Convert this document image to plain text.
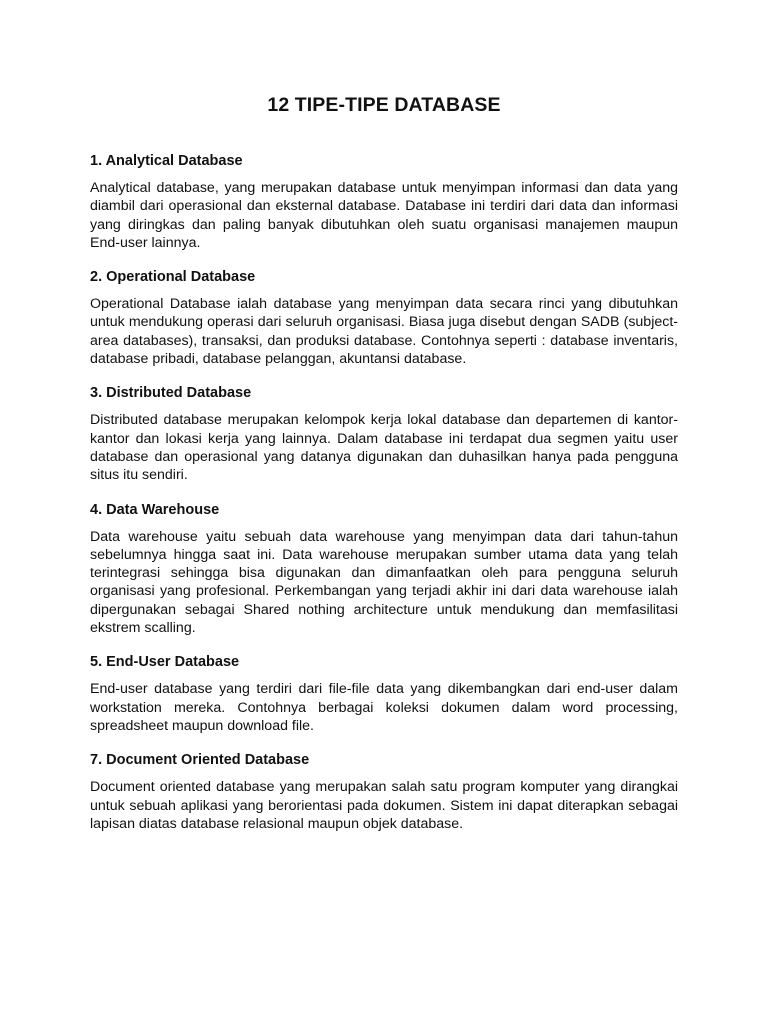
12 TIPE-TIPE DATABASE
1. Analytical Database

Analytical database, yang merupakan database untuk menyimpan informasi dan data yang diambil dari operasional dan eksternal database. Database ini terdiri dari data dan informasi yang diringkas dan paling banyak dibutuhkan oleh suatu organisasi manajemen maupun End-user lainnya.

2. Operational Database

Operational Database ialah database yang menyimpan data secara rinci yang dibutuhkan untuk mendukung operasi dari seluruh organisasi. Biasa juga disebut dengan SADB (subject-area databases), transaksi, dan produksi database. Contohnya seperti : database inventaris, database pribadi, database pelanggan, akuntansi database.

3. Distributed Database

Distributed database merupakan kelompok kerja lokal database dan departemen di kantor-kantor dan lokasi kerja yang lainnya. Dalam database ini terdapat dua segmen yaitu user database dan operasional yang datanya digunakan dan duhasilkan hanya pada pengguna situs itu sendiri.

4. Data Warehouse

Data warehouse yaitu sebuah data warehouse yang menyimpan data dari tahun-tahun sebelumnya hingga saat ini. Data warehouse merupakan sumber utama data yang telah terintegrasi sehingga bisa digunakan dan dimanfaatkan oleh para pengguna seluruh organisasi yang profesional. Perkembangan yang terjadi akhir ini dari data warehouse ialah dipergunakan sebagai Shared nothing architecture untuk mendukung dan memfasilitasi ekstrem scalling.

5. End-User Database

End-user database yang terdiri dari file-file data yang dikembangkan dari end-user dalam workstation mereka. Contohnya berbagai koleksi dokumen dalam word processing, spreadsheet maupun download file.

7. Document Oriented Database

Document oriented database yang merupakan salah satu program komputer yang dirangkai untuk sebuah aplikasi yang berorientasi pada dokumen. Sistem ini dapat diterapkan sebagai lapisan diatas database relasional maupun objek database.
